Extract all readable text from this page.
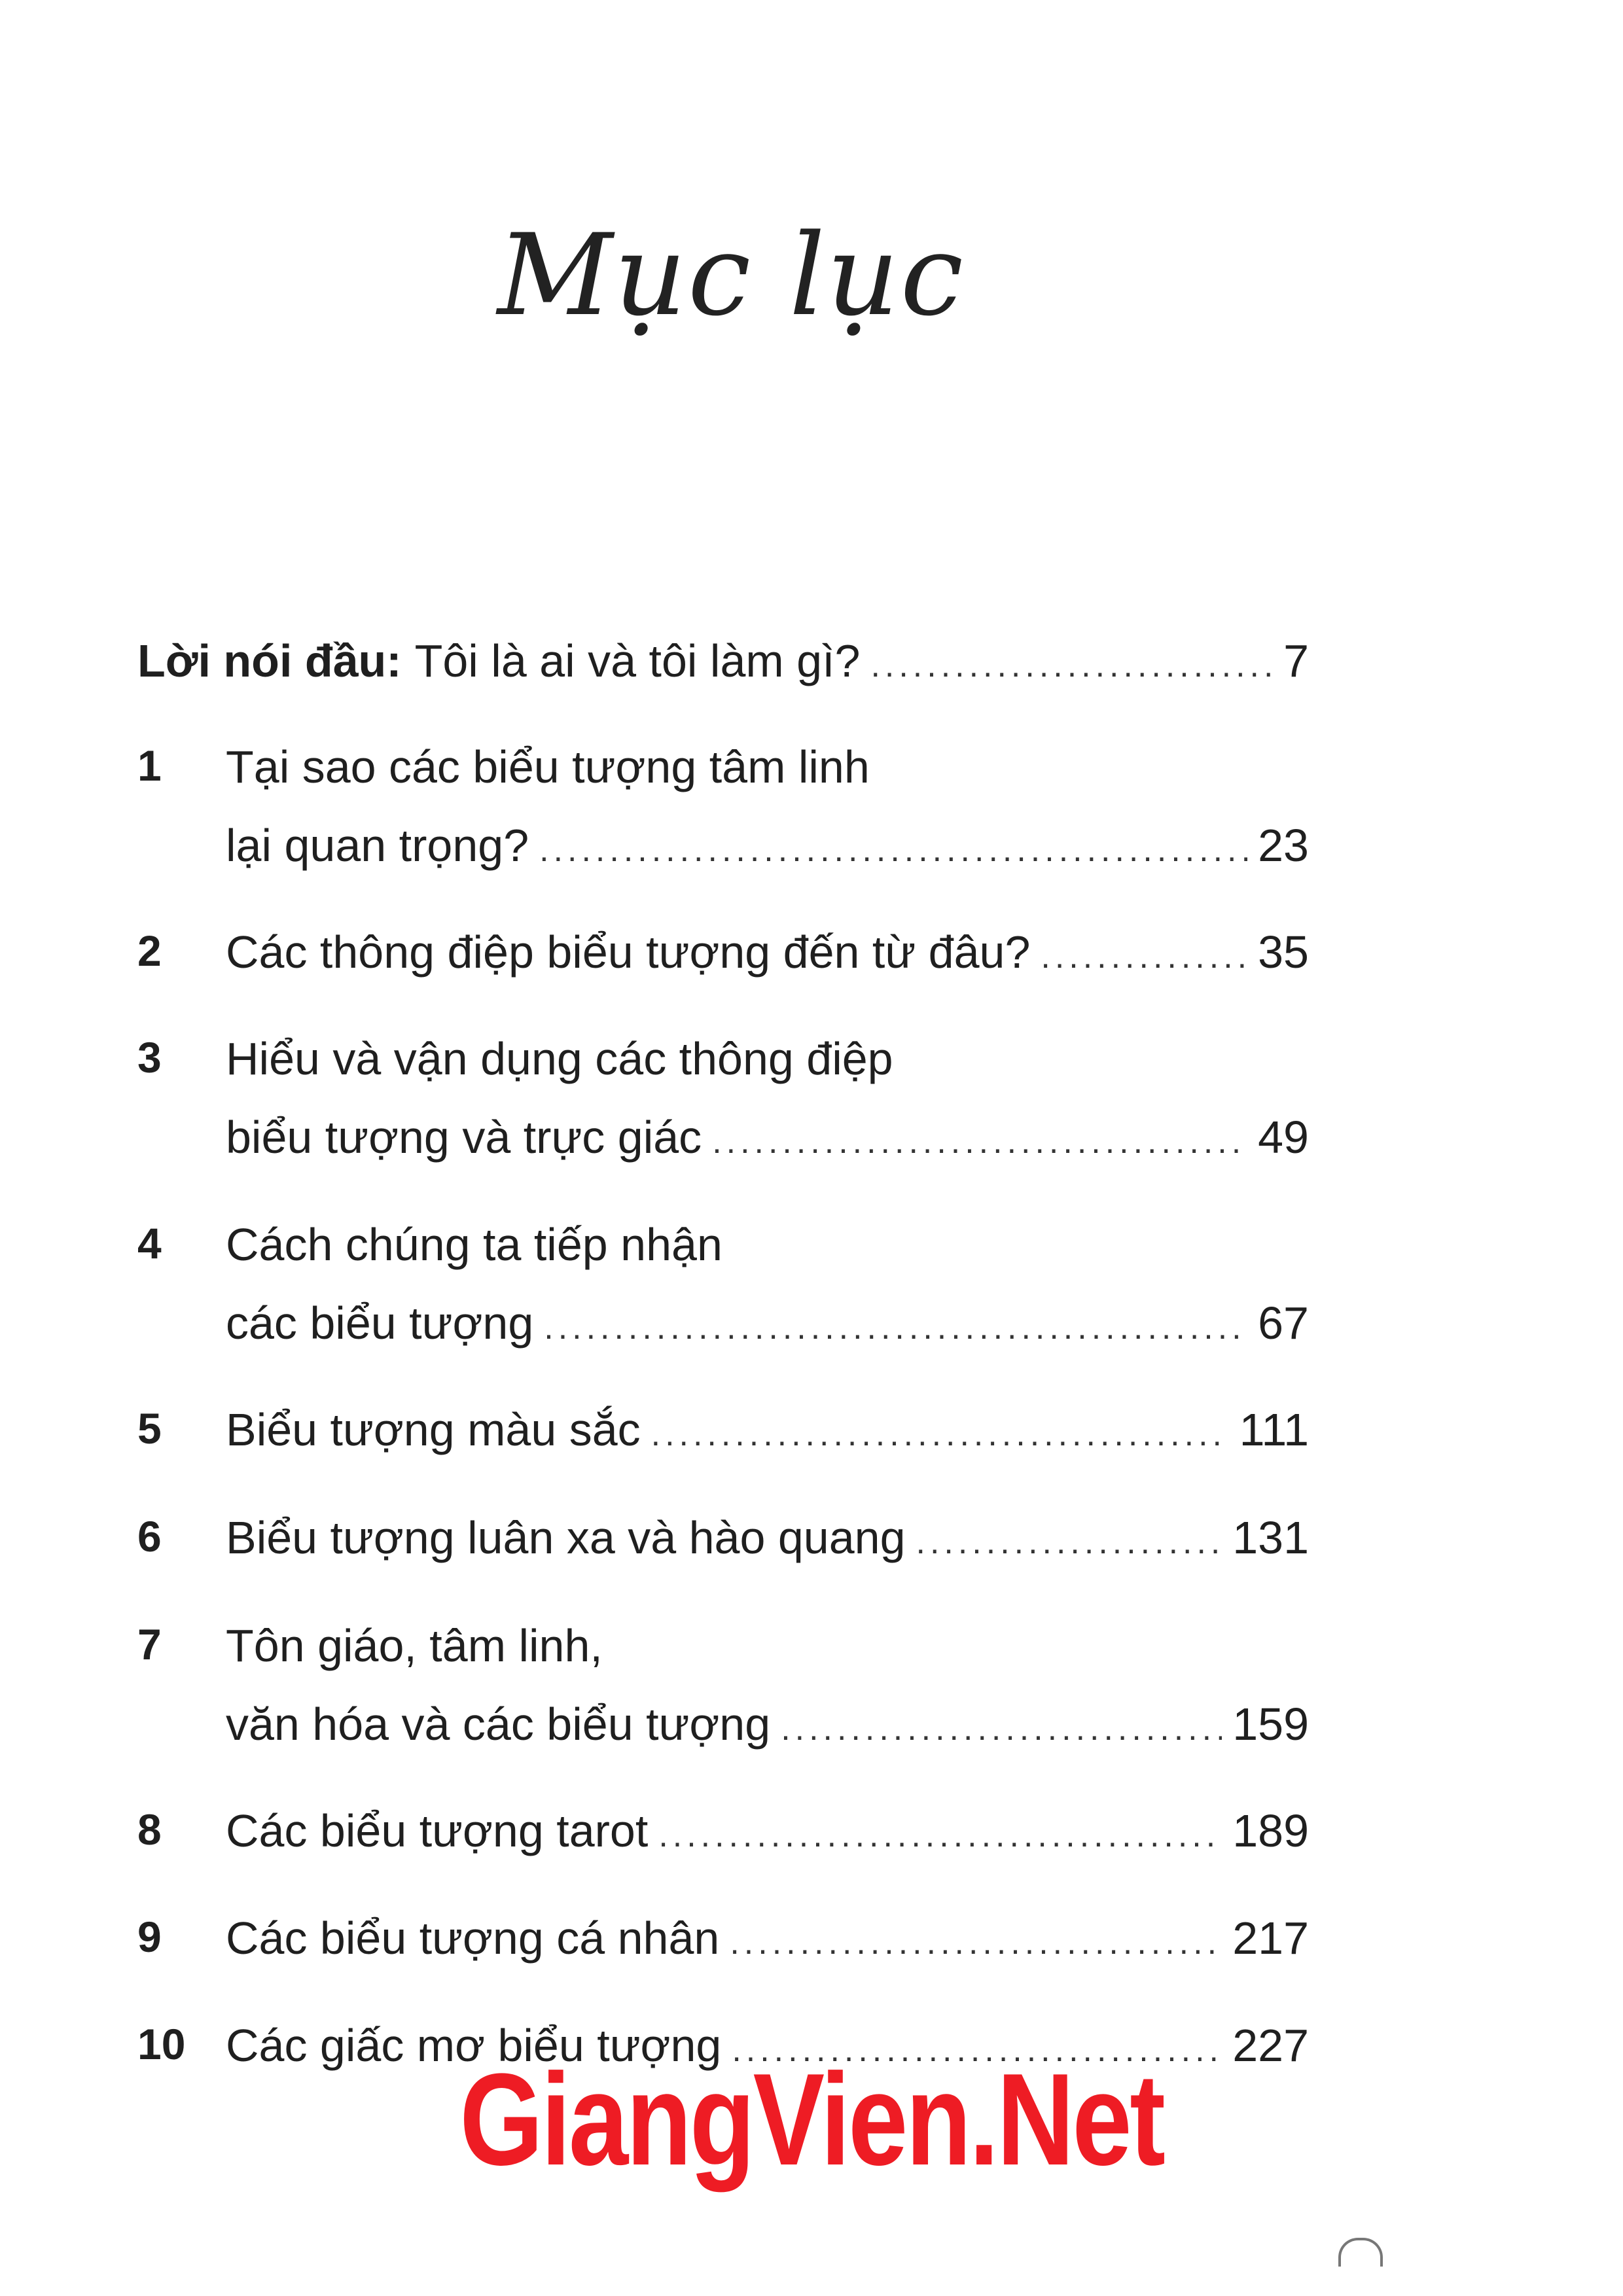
Mục lục
Lời nói đầu: Tôi là ai và tôi làm gì? .....	7
1	Tại sao các biểu tượng tâm linh
lại quan trọng? .....	23
2	Các thông điệp biểu tượng đến từ đâu? .....	35
3	Hiểu và vận dụng các thông điệp
biểu tượng và trực giác .....	49
4	Cách chúng ta tiếp nhận
các biểu tượng .....	67
5	Biểu tượng màu sắc .....	111
6	Biểu tượng luân xa và hào quang .....	131
7	Tôn giáo, tâm linh,
văn hóa và các biểu tượng .....	159
8	Các biểu tượng tarot .....	189
9	Các biểu tượng cá nhân .....	217
10 Các giấc mơ biểu tượng .....	227
GiangVien.Net
